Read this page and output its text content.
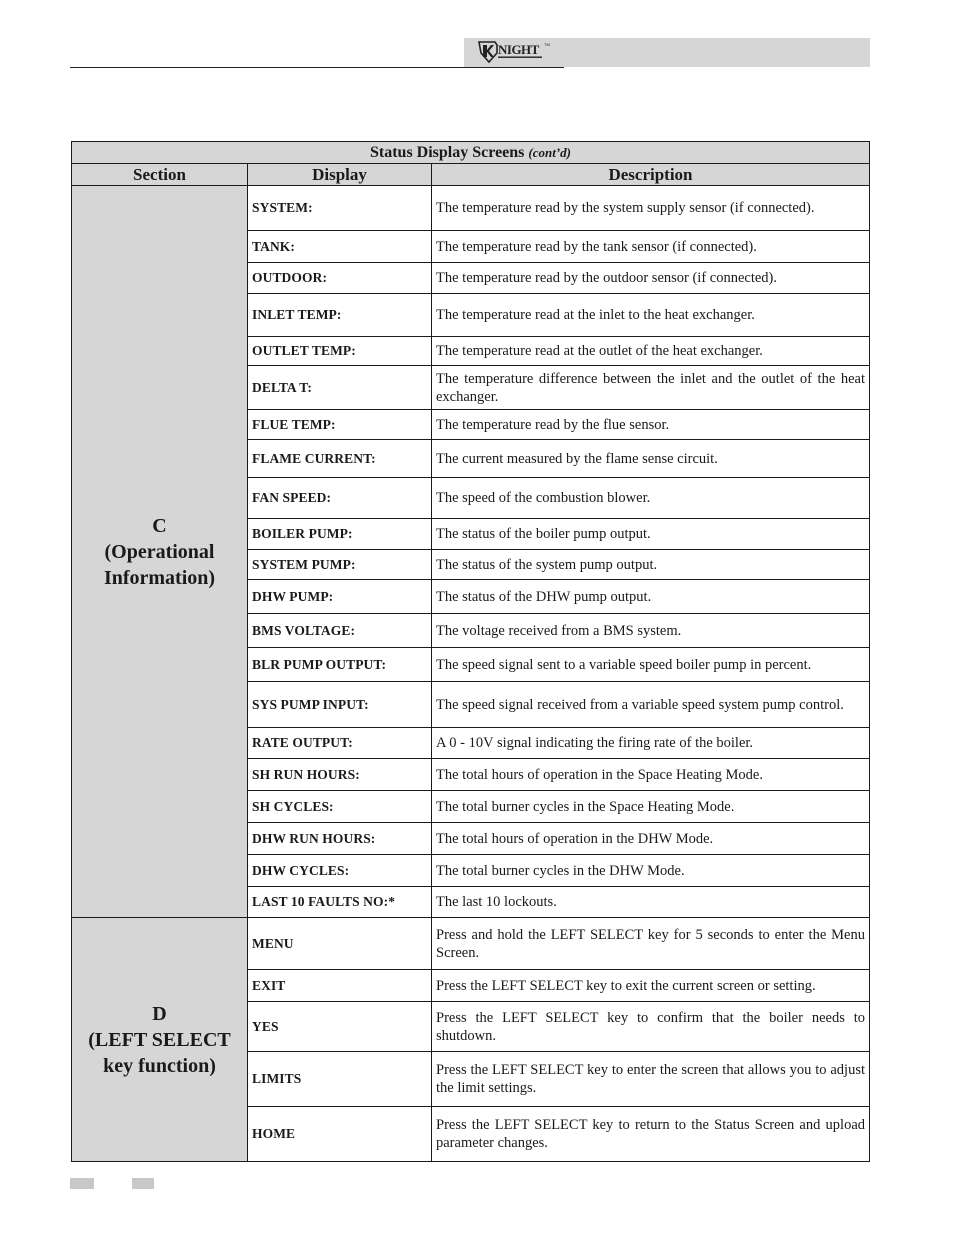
NIGHT TM
Status Display Screens (cont’d)		
Section	Display	Description

C
(Operational
Information)	SYSTEM:	The temperature read by the system supply sensor (if connected).
	TANK:	The temperature read by the tank sensor (if connected).
	OUTDOOR:	The temperature read by the outdoor sensor (if connected).
	INLET TEMP:	The temperature read at the inlet to the heat exchanger.
	OUTLET TEMP:	The temperature read at the outlet of the heat exchanger.
	DELTA T:	The temperature difference between the inlet and the outlet of the heat exchanger.
	FLUE TEMP:	The temperature read by the flue sensor.
	FLAME CURRENT:	The current measured by the flame sense circuit.
	FAN SPEED:	The speed of the combustion blower.
	BOILER PUMP:	The status of the boiler pump output.
	SYSTEM PUMP:	The status of the system pump output.
	DHW PUMP:	The status of the DHW pump output.
	BMS VOLTAGE:	The voltage received from a BMS system.
	BLR PUMP OUTPUT:	The speed signal sent to a variable speed boiler pump in percent.
	SYS PUMP INPUT:	The speed signal received from a variable speed system pump control.
	RATE OUTPUT:	A 0 - 10V signal indicating the firing rate of the boiler.
	SH RUN HOURS:	The total hours of operation in the Space Heating Mode.
	SH CYCLES:	The total burner cycles in the Space Heating Mode.
	DHW RUN HOURS:	The total hours of operation in the DHW Mode.
	DHW CYCLES:	The total burner cycles in the DHW Mode.
	LAST 10 FAULTS NO:*	The last 10 lockouts.

D
(LEFT SELECT
key function)	MENU	Press and hold the LEFT SELECT key for 5 seconds to enter the Menu Screen.
	EXIT	Press the LEFT SELECT key to exit the current screen or setting.
	YES	Press the LEFT SELECT key to confirm that the boiler needs to shutdown.
	LIMITS	Press the LEFT SELECT key to enter the screen that allows you to adjust the limit settings.
	HOME	Press the LEFT SELECT key to return to the Status Screen and upload parameter changes.
